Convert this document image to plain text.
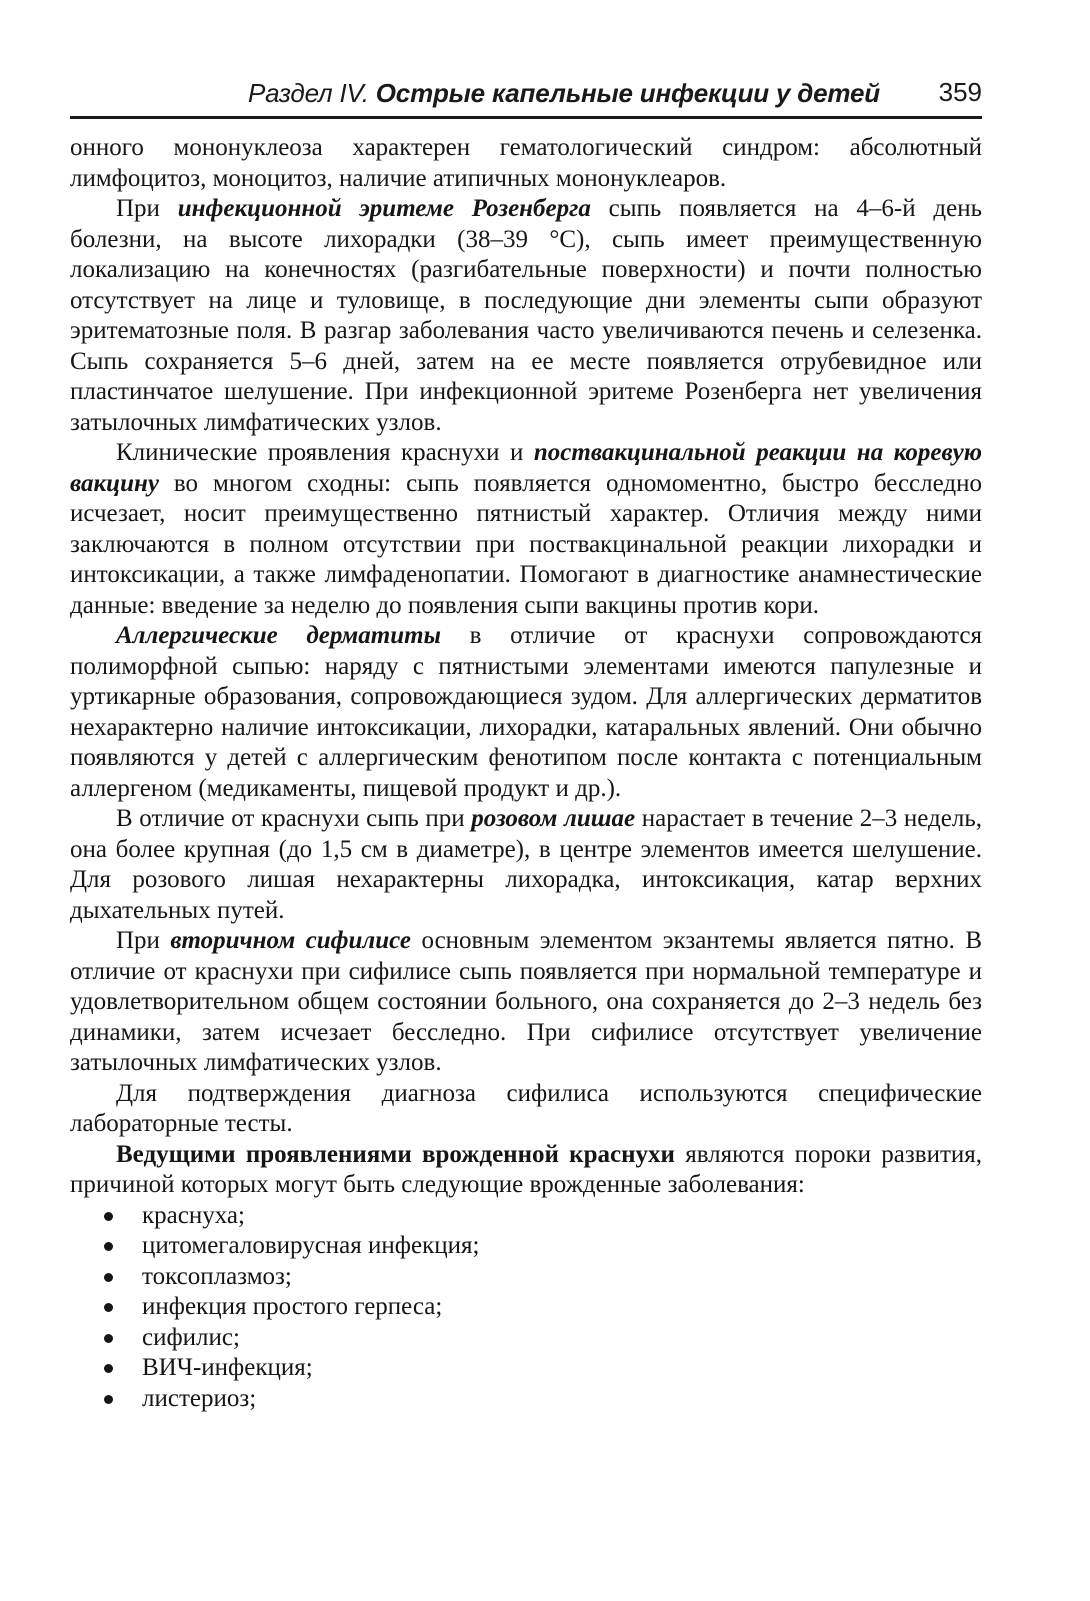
Раздел IV. Острые капельные инфекции у детей 359

онного мононуклеоза характерен гематологический синдром: абсолютный лимфоцитоз, моноцитоз, наличие атипичных мононуклеаров.

При инфекционной эритеме Розенберга сыпь появляется на 4–6-й день болезни, на высоте лихорадки (38–39 °С), сыпь имеет преимущественную локализацию на конечностях (разгибательные поверхности) и почти полностью отсутствует на лице и туловище, в последующие дни элементы сыпи образуют эритематозные поля. В разгар заболевания часто увеличиваются печень и селезенка. Сыпь сохраняется 5–6 дней, затем на ее месте появляется отрубевидное или пластинчатое шелушение. При инфекционной эритеме Розенберга нет увеличения затылочных лимфатических узлов.

Клинические проявления краснухи и поствакцинальной реакции на коревую вакцину во многом сходны: сыпь появляется одномоментно, быстро бесследно исчезает, носит преимущественно пятнистый характер. Отличия между ними заключаются в полном отсутствии при поствакцинальной реакции лихорадки и интоксикации, а также лимфаденопатии. Помогают в диагностике анамнестические данные: введение за неделю до появления сыпи вакцины против кори.

Аллергические дерматиты в отличие от краснухи сопровождаются полиморфной сыпью: наряду с пятнистыми элементами имеются папулезные и уртикарные образования, сопровождающиеся зудом. Для аллергических дерматитов нехарактерно наличие интоксикации, лихорадки, катаральных явлений. Они обычно появляются у детей с аллергическим фенотипом после контакта с потенциальным аллергеном (медикаменты, пищевой продукт и др.).

В отличие от краснухи сыпь при розовом лишае нарастает в течение 2–3 недель, она более крупная (до 1,5 см в диаметре), в центре элементов имеется шелушение. Для розового лишая нехарактерны лихорадка, интоксикация, катар верхних дыхательных путей.

При вторичном сифилисе основным элементом экзантемы является пятно. В отличие от краснухи при сифилисе сыпь появляется при нормальной температуре и удовлетворительном общем состоянии больного, она сохраняется до 2–3 недель без динамики, затем исчезает бесследно. При сифилисе отсутствует увеличение затылочных лимфатических узлов.

Для подтверждения диагноза сифилиса используются специфические лабораторные тесты.

Ведущими проявлениями врожденной краснухи являются пороки развития, причиной которых могут быть следующие врожденные заболевания:

краснуха;
цитомегаловирусная инфекция;
токсоплазмоз;
инфекция простого герпеса;
сифилис;
ВИЧ-инфекция;
листериоз;
